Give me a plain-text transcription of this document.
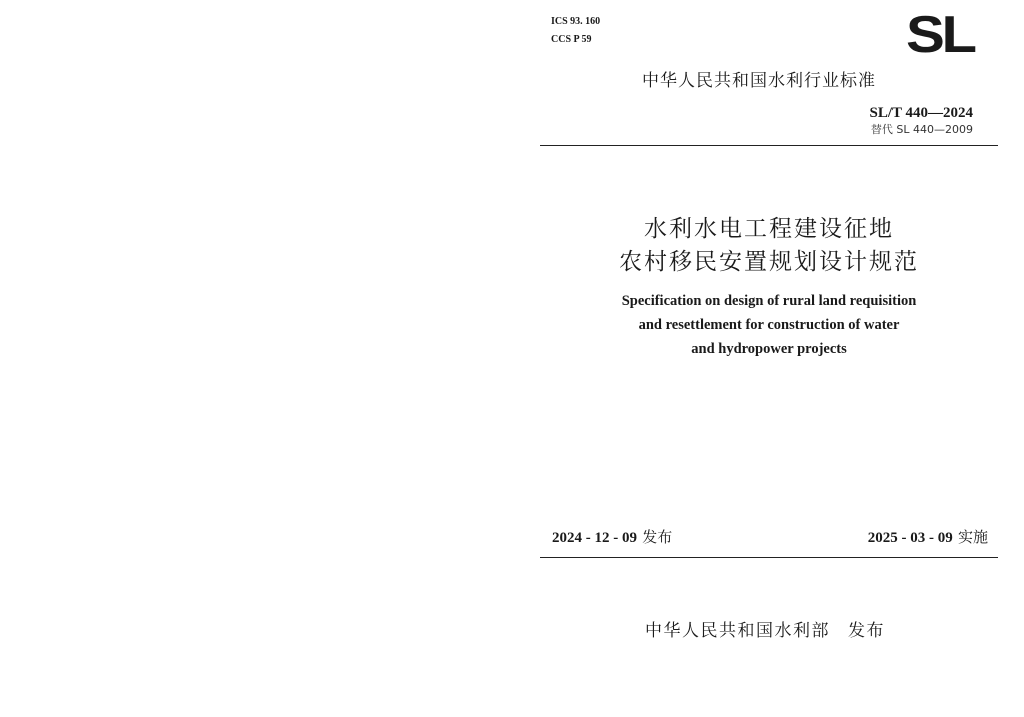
ICS 93. 160
CCS P 59	SL
中华人民共和国水利行业标准
SL/T 440—2024
替代 SL 440—2009
水利水电工程建设征地
农村移民安置规划设计规范
Specification on design of rural land requisition
and resettlement for construction of water
and hydropower projects
2024 - 12 - 09 发布	2025 - 03 - 09 实施
中华人民共和国水利部 发布
